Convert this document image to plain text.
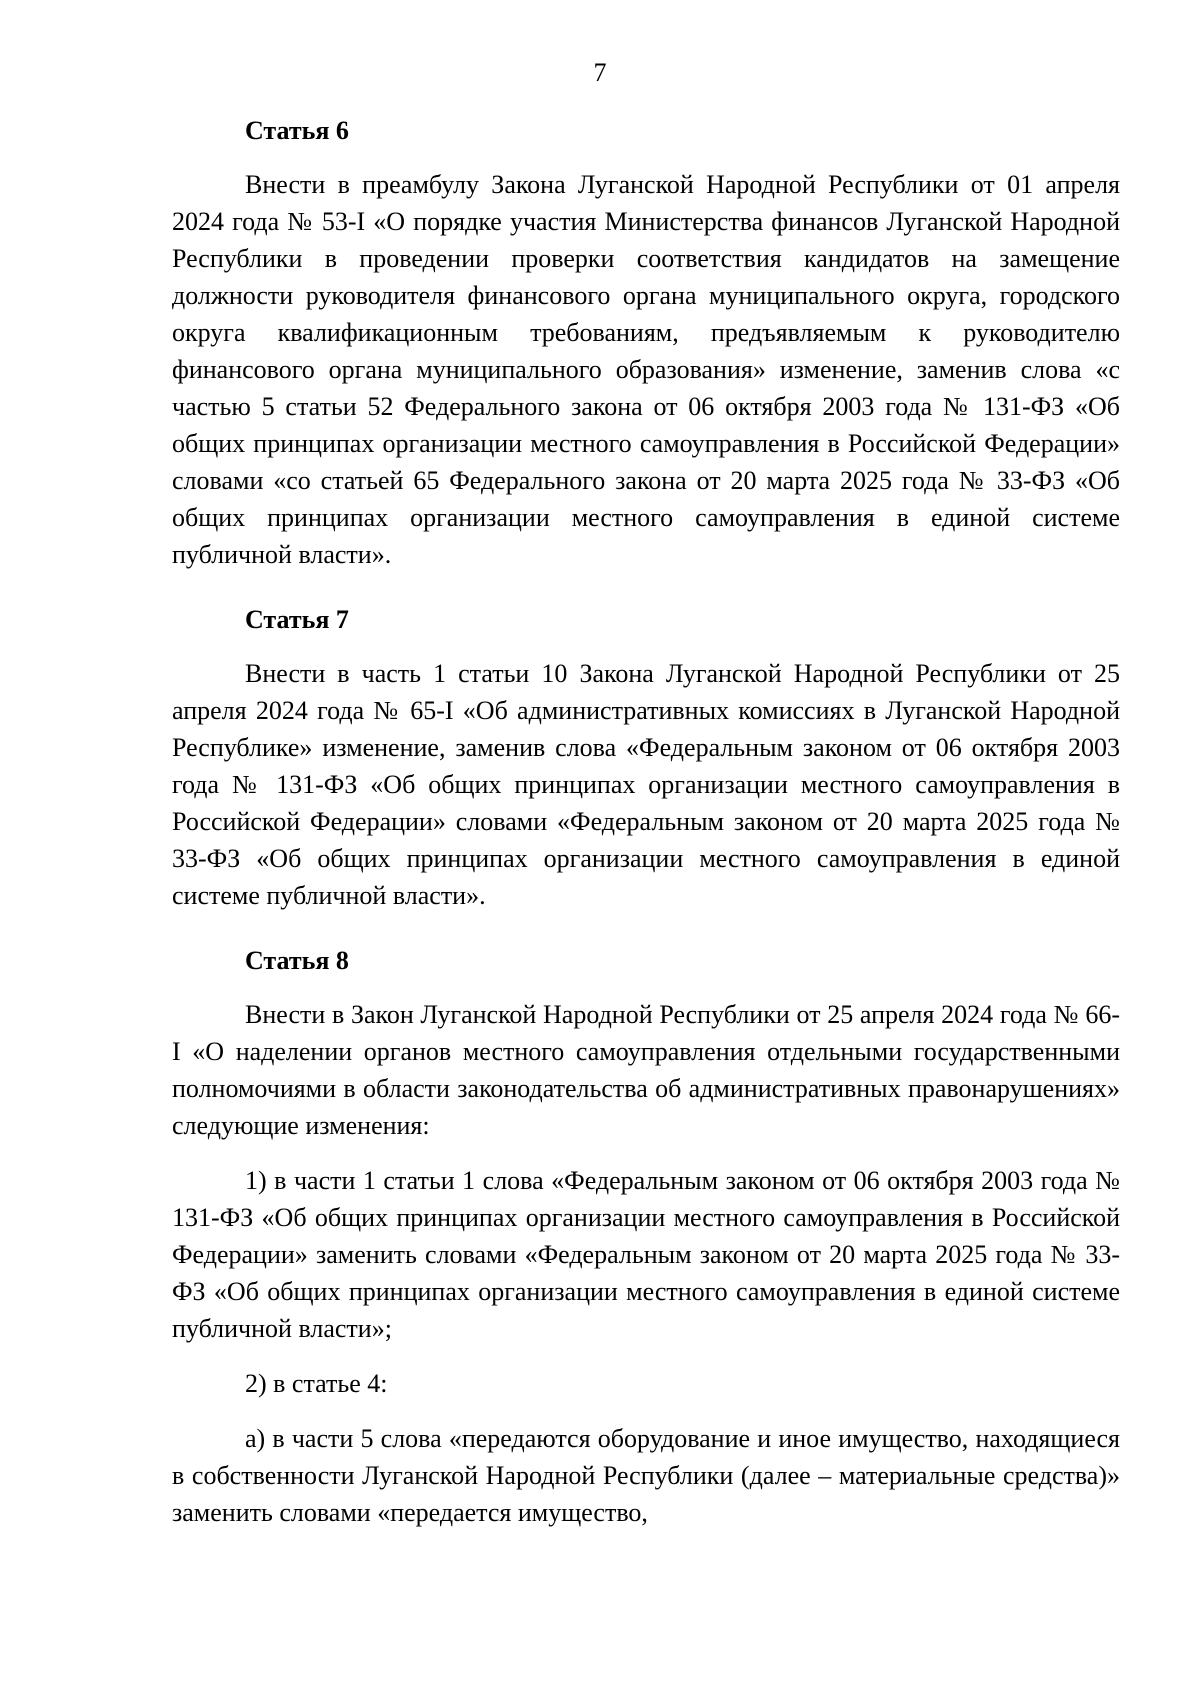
7
Статья 6

Внести в преамбулу Закона Луганской Народной Республики от 01 апреля 2024 года № 53-I «О порядке участия Министерства финансов Луганской Народной Республики в проведении проверки соответствия кандидатов на замещение должности руководителя финансового органа муниципального округа, городского округа квалификационным требованиям, предъявляемым к руководителю финансового органа муниципального образования» изменение, заменив слова «с частью 5 статьи 52 Федерального закона от 06 октября 2003 года № 131-ФЗ «Об общих принципах организации местного самоуправления в Российской Федерации» словами «со статьей 65 Федерального закона от 20 марта 2025 года № 33-ФЗ «Об общих принципах организации местного самоуправления в единой системе публичной власти».

Статья 7

Внести в часть 1 статьи 10 Закона Луганской Народной Республики от 25 апреля 2024 года № 65-I «Об административных комиссиях в Луганской Народной Республике» изменение, заменив слова «Федеральным законом от 06 октября 2003 года № 131-ФЗ «Об общих принципах организации местного самоуправления в Российской Федерации» словами «Федеральным законом от 20 марта 2025 года № 33-ФЗ «Об общих принципах организации местного самоуправления в единой системе публичной власти».

Статья 8

Внести в Закон Луганской Народной Республики от 25 апреля 2024 года № 66-I «О наделении органов местного самоуправления отдельными государственными полномочиями в области законодательства об административных правонарушениях» следующие изменения:

1) в части 1 статьи 1 слова «Федеральным законом от 06 октября 2003 года № 131-ФЗ «Об общих принципах организации местного самоуправления в Российской Федерации» заменить словами «Федеральным законом от 20 марта 2025 года № 33-ФЗ «Об общих принципах организации местного самоуправления в единой системе публичной власти»;

2) в статье 4:

а) в части 5 слова «передаются оборудование и иное имущество, находящиеся в собственности Луганской Народной Республики (далее – материальные средства)» заменить словами «передается имущество,
